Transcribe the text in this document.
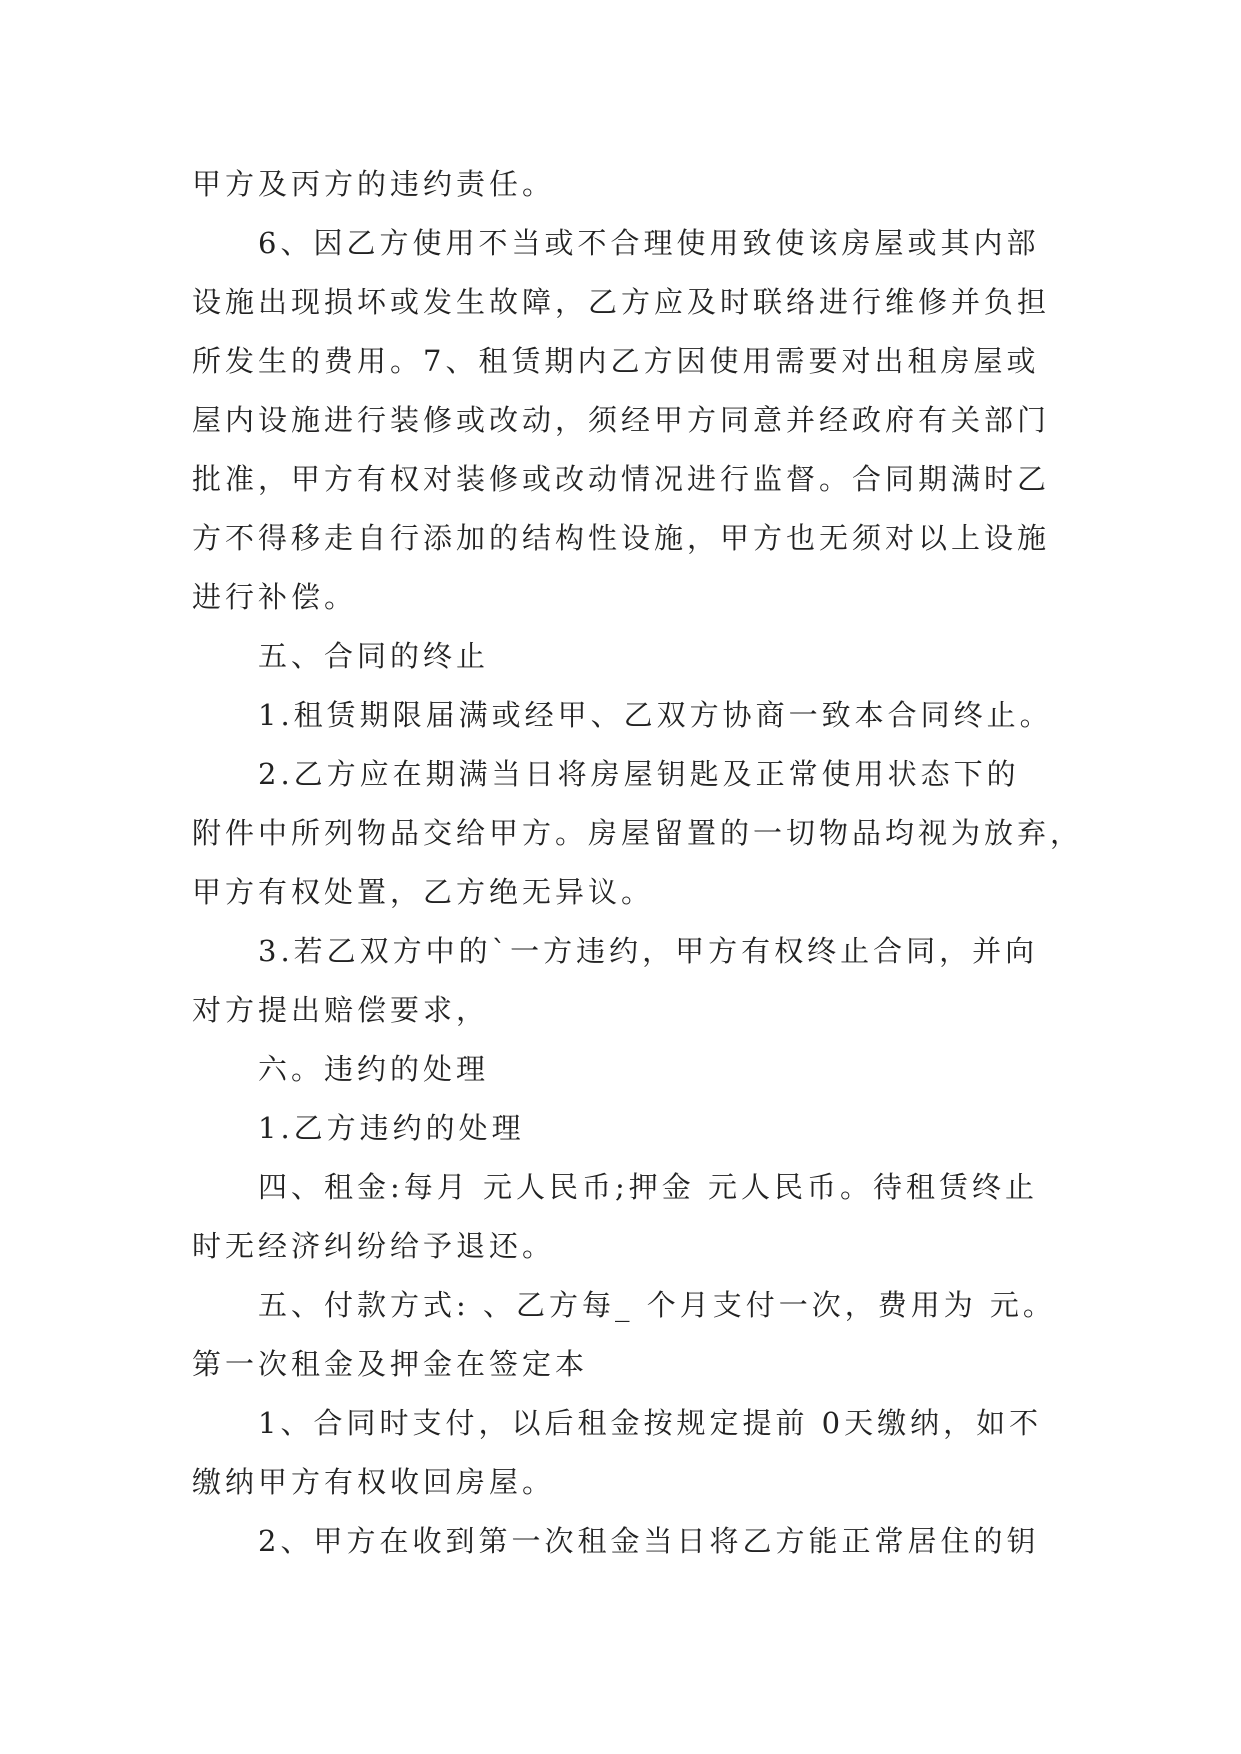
甲方及丙方的违约责任。
6、因乙方使用不当或不合理使用致使该房屋或其内部
设施出现损坏或发生故障，乙方应及时联络进行维修并负担
所发生的费用。7、租赁期内乙方因使用需要对出租房屋或
屋内设施进行装修或改动，须经甲方同意并经政府有关部门
批准，甲方有权对装修或改动情况进行监督。合同期满时乙
方不得移走自行添加的结构性设施，甲方也无须对以上设施
进行补偿。
五、合同的终止
1.租赁期限届满或经甲、乙双方协商一致本合同终止。
2.乙方应在期满当日将房屋钥匙及正常使用状态下的
附件中所列物品交给甲方。房屋留置的一切物品均视为放弃，
甲方有权处置，乙方绝无异议。
3.若乙双方中的`一方违约，甲方有权终止合同，并向
对方提出赔偿要求，
六。违约的处理
1.乙方违约的处理
四、租金:每月 元人民币;押金 元人民币。待租赁终止
时无经济纠纷给予退还。
五、付款方式: 、乙方每_ 个月支付一次，费用为 元。
第一次租金及押金在签定本
1、合同时支付，以后租金按规定提前 0天缴纳，如不
缴纳甲方有权收回房屋。
2、甲方在收到第一次租金当日将乙方能正常居住的钥
